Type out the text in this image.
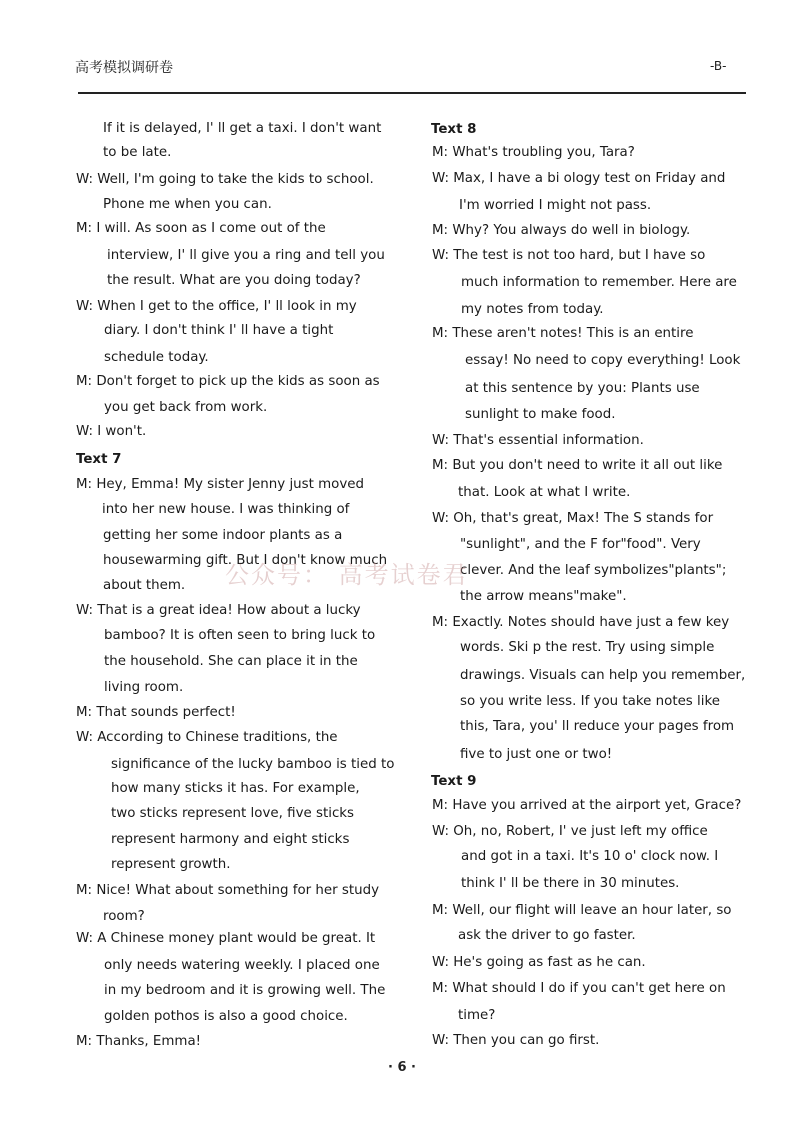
高考模拟调研卷	-B-
If it is delayed, I' ll get a taxi. I don't want
to be late.
W: Well, I'm going to take the kids to school.
Phone me when you can.
M: I will. As soon as I come out of the
interview, I' ll give you a ring and tell you
the result. What are you doing today?
W: When I get to the office, I' ll look in my
diary. I don't think I' ll have a tight
schedule today.
M: Don't forget to pick up the kids as soon as
you get back from work.
W: I won't.
Text 7
M: Hey, Emma! My sister Jenny just moved
into her new house. I was thinking of
getting her some indoor plants as a
housewarming gift. But I don't know much
about them.
W: That is a great idea! How about a lucky
bamboo? It is often seen to bring luck to
the household. She can place it in the
living room.
M: That sounds perfect!
W: According to Chinese traditions, the
significance of the lucky bamboo is tied to
how many sticks it has. For example,
two sticks represent love, five sticks
represent harmony and eight sticks
represent growth.
M: Nice! What about something for her study
room?
W: A Chinese money plant would be great. It
only needs watering weekly. I placed one
in my bedroom and it is growing well. The
golden pothos is also a good choice.
M: Thanks, Emma!
Text 8
M: What's troubling you, Tara?
W: Max, I have a bi ology test on Friday and
I'm worried I might not pass.
M: Why? You always do well in biology.
W: The test is not too hard, but I have so
much information to remember. Here are
my notes from today.
M: These aren't notes! This is an entire
essay! No need to copy everything! Look
at this sentence by you: Plants use
sunlight to make food.
W: That's essential information.
M: But you don't need to write it all out like
that. Look at what I write.
W: Oh, that's great, Max! The S stands for
"sunlight", and the F for"food". Very
clever. And the leaf symbolizes"plants";
the arrow means"make".
M: Exactly. Notes should have just a few key
words. Ski p the rest. Try using simple
drawings. Visuals can help you remember,
so you write less. If you take notes like
this, Tara, you' ll reduce your pages from
five to just one or two!
Text 9
M: Have you arrived at the airport yet, Grace?
W: Oh, no, Robert, I' ve just left my office
and got in a taxi. It's 10 o' clock now. I
think I' ll be there in 30 minutes.
M: Well, our flight will leave an hour later, so
ask the driver to go faster.
W: He's going as fast as he can.
M: What should I do if you can't get here on
time?
W: Then you can go first.
公众号： 高考试卷君
· 6 ·
